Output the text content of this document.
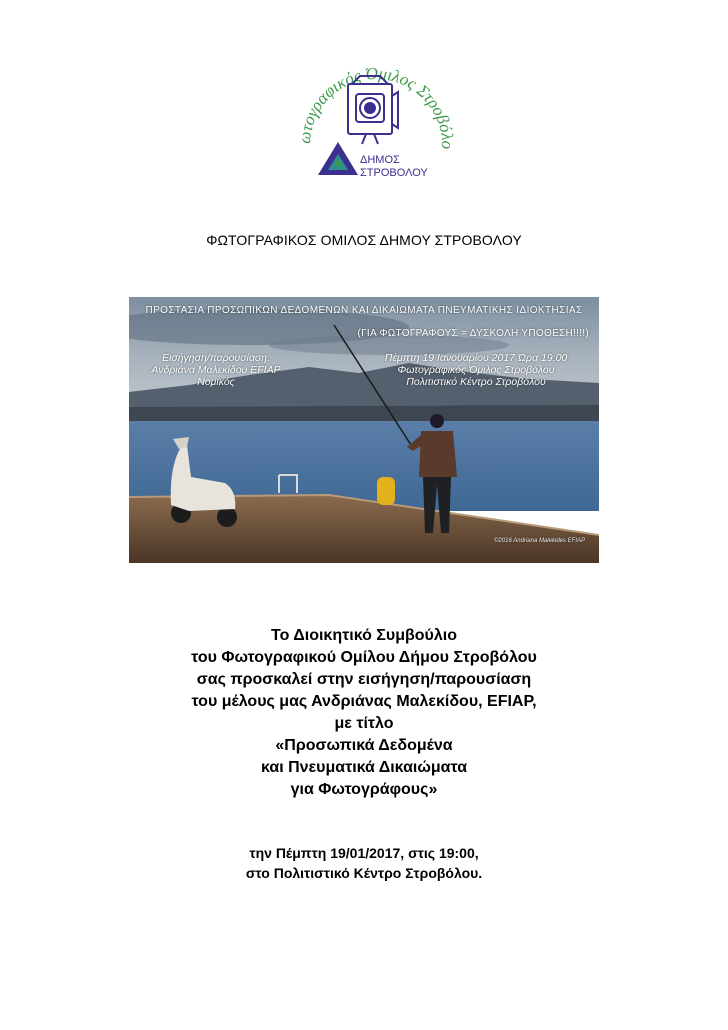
ωτογραφικός Όμιλος Στροβόλο
ΔΗΜΟΣ
ΣΤΡΟΒΟΛΟΥ
ΦΩΤΟΓΡΑΦΙΚΟΣ ΟΜΙΛΟΣ ΔΗΜΟΥ ΣΤΡΟΒΟΛΟΥ
ΠΡΟΣΤΑΣΙΑ ΠΡΟΣΩΠΙΚΩΝ ΔΕΔΟΜΕΝΩΝ ΚΑΙ ΔΙΚΑΙΩΜΑΤΑ ΠΝΕΥΜΑΤΙΚΗΣ ΙΔΙΟΚΤΗΣΙΑΣ
(ΓΙΑ ΦΩΤΟΓΡΑΦΟΥΣ = ΔΥΣΚΟΛΗ ΥΠΟΘΕΣΗ!!!!)
Εισήγηση/παρουσίαση:
Ανδριάνα Μαλεκίδου EFIAP
Νομικός
Πέμπτη 19 Ιανουαρίου 2017 Ώρα 19:00
Φωτογραφικός Όμιλος Στροβόλου
Πολιτιστικό Κέντρο Στροβόλου
©2016 Andriana Malekides EFIAP
Το Διοικητικό Συμβούλιο
του Φωτογραφικού Ομίλου Δήμου Στροβόλου
σας προσκαλεί στην εισήγηση/παρουσίαση
του μέλους μας Ανδριάνας Μαλεκίδου, EFIAP,
με τίτλο
«Προσωπικά Δεδομένα
και Πνευματικά Δικαιώματα
για Φωτογράφους»
την Πέμπτη 19/01/2017, στις 19:00,
στο Πολιτιστικό Κέντρο Στροβόλου.
